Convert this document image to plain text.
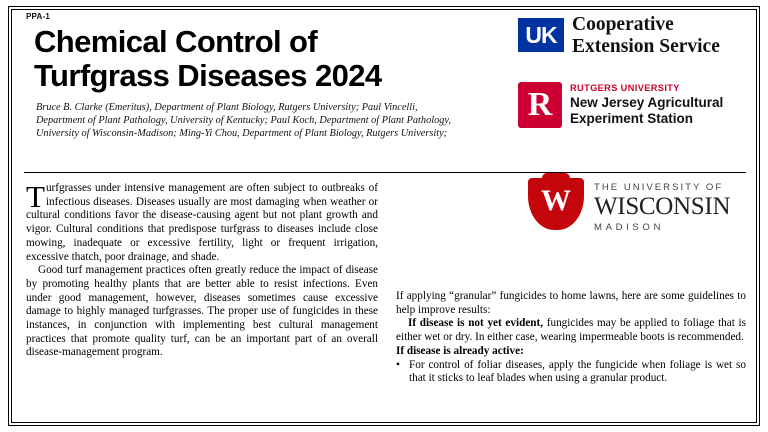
PPA-1
Chemical Control of
Turfgrass Diseases 2024
Bruce B. Clarke (Emeritus), Department of Plant Biology, Rutgers University; Paul Vincelli, Department of Plant Pathology, University of Kentucky; Paul Koch, Department of Plant Pathology, University of Wisconsin-Madison; Ming-Yi Chou, Department of Plant Biology, Rutgers University;
UK Cooperative
Extension Service
R	RUTGERS UNIVERSITY
New Jersey Agricultural
Experiment Station
W	THE UNIVERSITY OF
WISCONSIN
MADISON

Turfgrasses under intensive management are often subject to outbreaks of infectious diseases. Diseases usually are most damaging when weather or cultural conditions favor the disease-causing agent but not plant growth and vigor. Cultural conditions that predispose turfgrass to diseases include close mowing, inadequate or excessive fertility, light or frequent irrigation, excessive thatch, poor drainage, and shade.

Good turf management practices often greatly reduce the impact of disease by promoting healthy plants that are better able to resist infections. Even under good management, however, diseases sometimes cause excessive damage to highly managed turfgrasses. The proper use of fungicides in these instances, in conjunction with implementing best cultural management practices that promote quality turf, can be an important part of an overall disease-management program.

If applying “granular” fungicides to home lawns, here are some guidelines to help improve results:

If disease is not yet evident, fungicides may be applied to foliage that is either wet or dry. In either case, wearing impermeable boots is recommended.

If disease is already active:

• For control of foliar diseases, apply the fungicide when foliage is wet so that it sticks to leaf blades when using a granular product.
